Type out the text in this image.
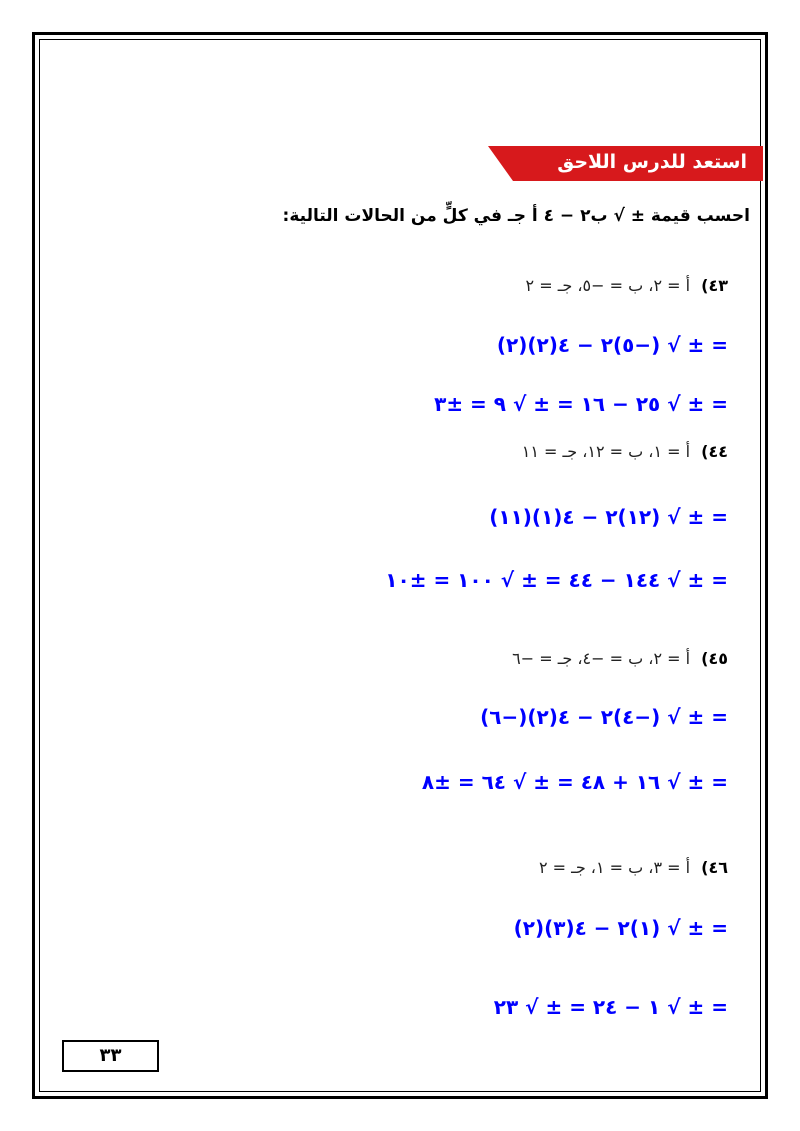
استعد للدرس اللاحق
احسب قيمة ± √ ب٢ − ٤ أ جـ في كلٍّ من الحالات التالية:
٤٣) أ = ٢، ب = −٥، جـ = ٢
= ± √ (−٥)٢ − ٤(٢)(٢)
= ± √ ٢٥ − ١٦ = ± √ ٩ = ±٣
٤٤) أ = ١، ب = ١٢، جـ = ١١
= ± √ (١٢)٢ − ٤(١)(١١)
= ± √ ١٤٤ − ٤٤ = ± √ ١٠٠ = ±١٠
٤٥) أ = ٢، ب = −٤، جـ = −٦
= ± √ (−٤)٢ − ٤(٢)(−٦)
= ± √ ١٦ + ٤٨ = ± √ ٦٤ = ±٨
٤٦) أ = ٣، ب = ١، جـ = ٢
= ± √ (١)٢ − ٤(٣)(٢)
= ± √ ١ − ٢٤ = ± √ ٢٣
٣٣
